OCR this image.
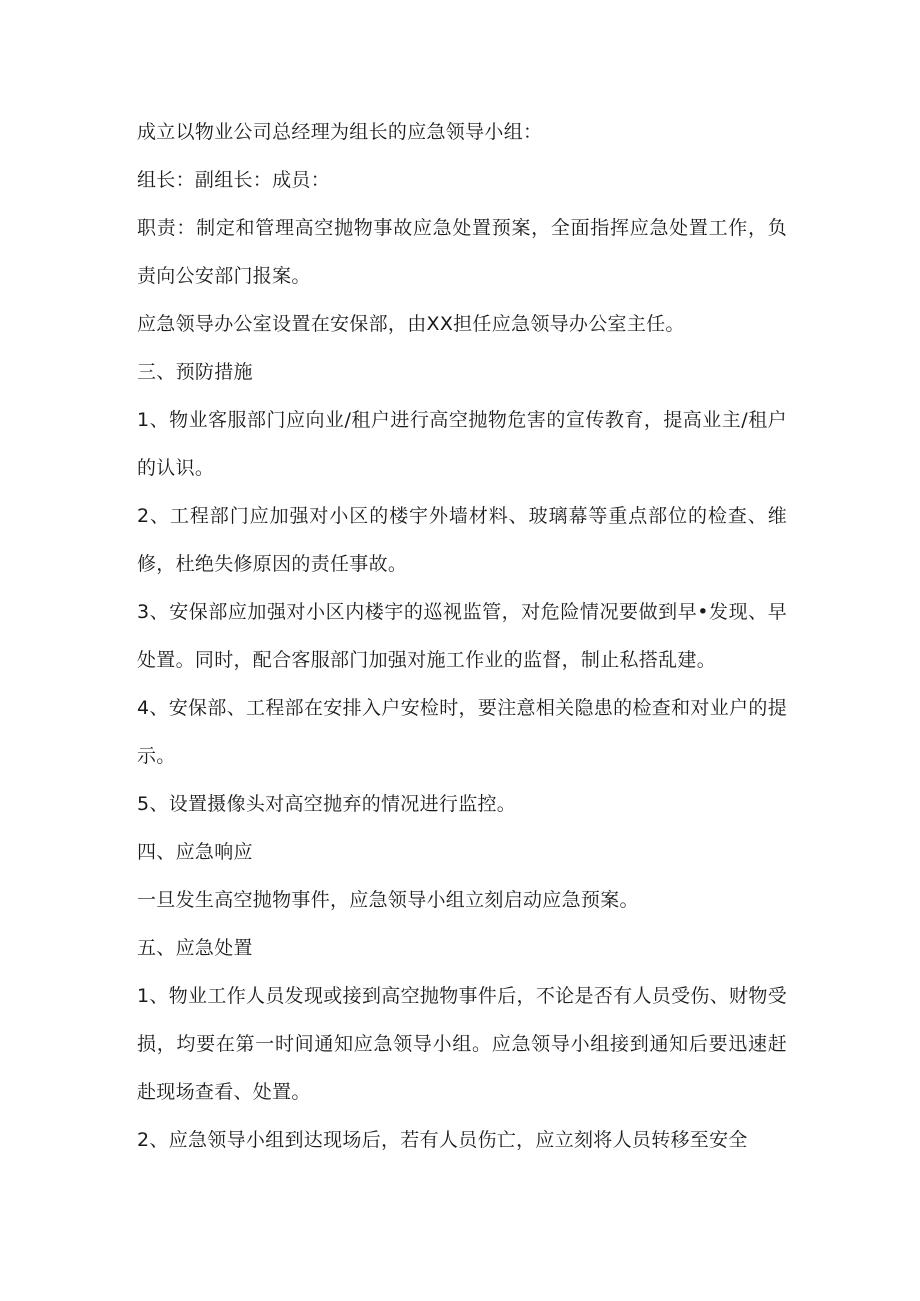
成立以物业公司总经理为组长的应急领导小组：

组长：副组长：成员：

职责：制定和管理高空抛物事故应急处置预案，全面指挥应急处置工作，负责向公安部门报案。

应急领导办公室设置在安保部，由XX担任应急领导办公室主任。

三、预防措施

1、物业客服部门应向业/租户进行高空抛物危害的宣传教育，提高业主/租户的认识。

2、工程部门应加强对小区的楼宇外墙材料、玻璃幕等重点部位的检查、维修，杜绝失修原因的责任事故。

3、安保部应加强对小区内楼宇的巡视监管，对危险情况要做到早•发现、早处置。同时，配合客服部门加强对施工作业的监督，制止私搭乱建。

4、安保部、工程部在安排入户安检时，要注意相关隐患的检查和对业户的提示。

5、设置摄像头对高空抛弃的情况进行监控。

四、应急响应

一旦发生高空抛物事件，应急领导小组立刻启动应急预案。

五、应急处置

1、物业工作人员发现或接到高空抛物事件后，不论是否有人员受伤、财物受损，均要在第一时间通知应急领导小组。应急领导小组接到通知后要迅速赶赴现场查看、处置。

2、应急领导小组到达现场后，若有人员伤亡，应立刻将人员转移至安全
